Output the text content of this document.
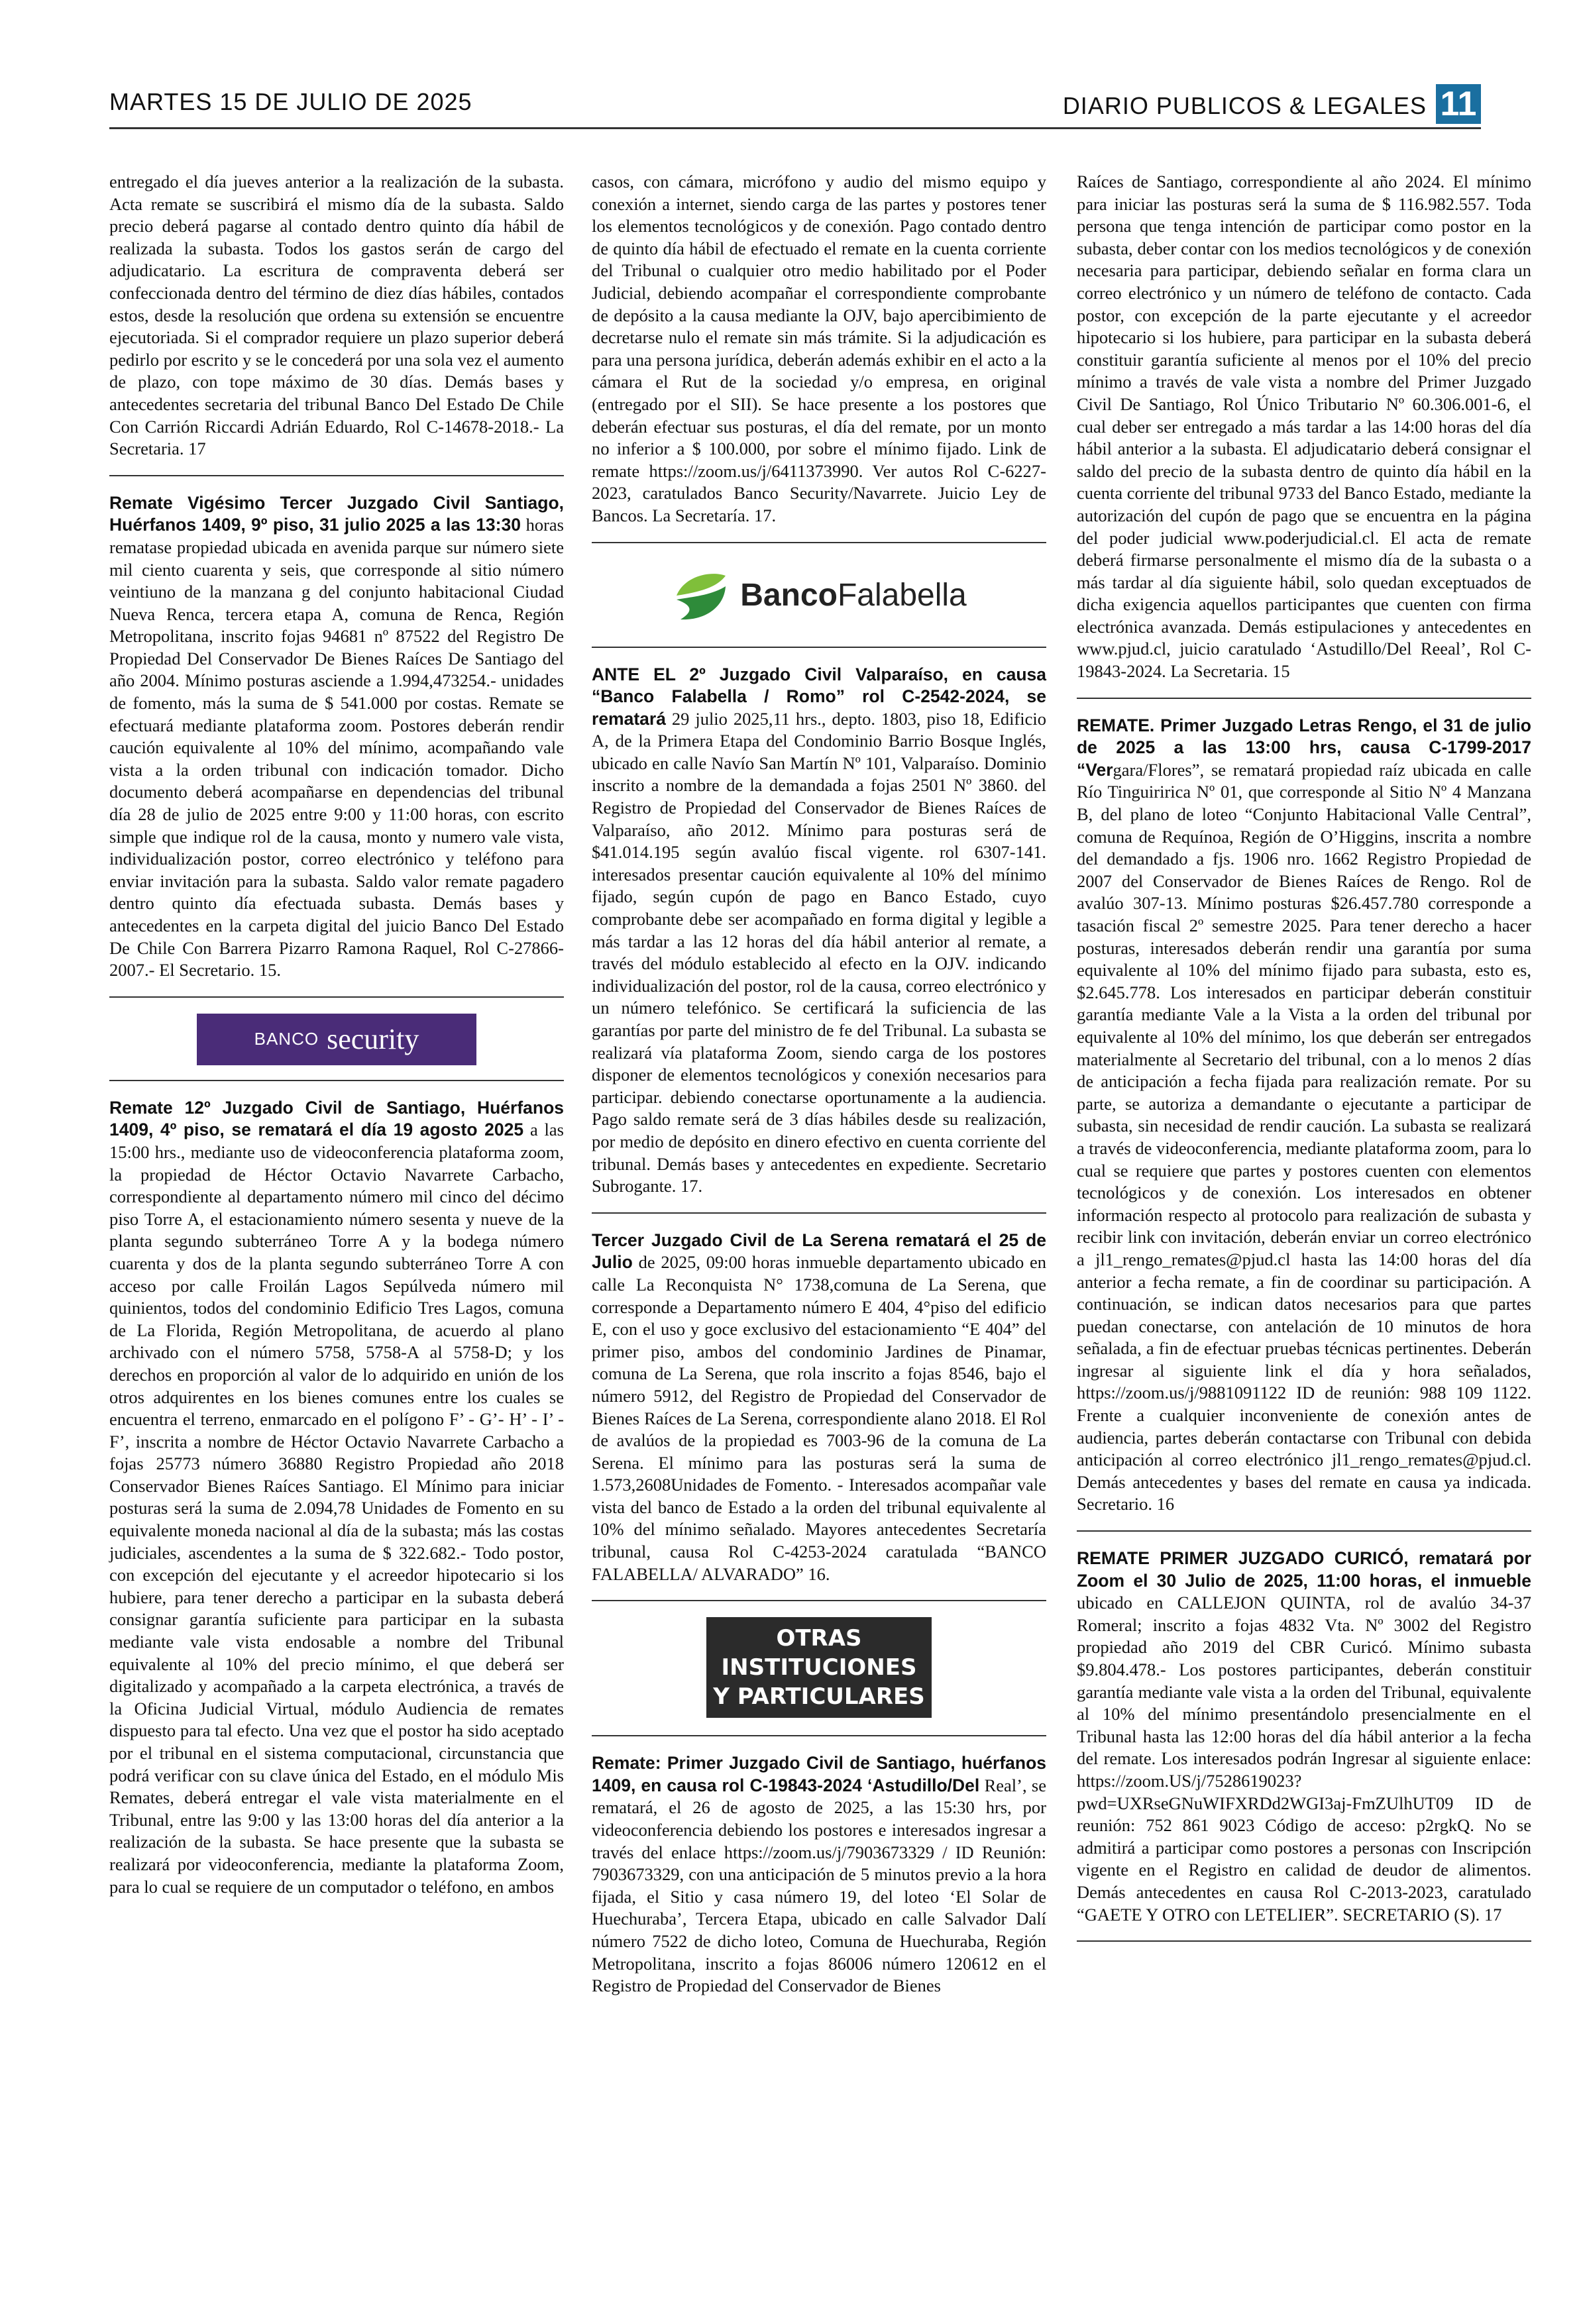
MARTES 15 DE JULIO DE 2025	DIARIO PUBLICOS & LEGALES 11

entregado el día jueves anterior a la realización de la subasta. Acta remate se suscribirá el mismo día de la subasta. Saldo precio deberá pagarse al contado dentro quinto día hábil de realizada la subasta. Todos los gastos serán de cargo del adjudicatario. La escritura de compraventa deberá ser confeccionada dentro del término de diez días hábiles, contados estos, desde la resolución que ordena su extensión se encuentre ejecutoriada. Si el comprador requiere un plazo superior deberá pedirlo por escrito y se le concederá por una sola vez el aumento de plazo, con tope máximo de 30 días. Demás bases y antecedentes secretaria del tribunal Banco Del Estado De Chile Con Carrión Riccardi Adrián Eduardo, Rol C-14678-2018.- La Secretaria. 17

Remate Vigésimo Tercer Juzgado Civil Santiago, Huérfanos 1409, 9º piso, 31 julio 2025 a las 13:30 horas rematase propiedad ubicada en avenida parque sur número siete mil ciento cuarenta y seis, que corresponde al sitio número veintiuno de la manzana g del conjunto habitacional Ciudad Nueva Renca, tercera etapa A, comuna de Renca, Región Metropolitana, inscrito fojas 94681 nº 87522 del Registro De Propiedad Del Conservador De Bienes Raíces De Santiago del año 2004. Mínimo posturas asciende a 1.994,473254.- unidades de fomento, más la suma de $ 541.000 por costas. Remate se efectuará mediante plataforma zoom. Postores deberán rendir caución equivalente al 10% del mínimo, acompañando vale vista a la orden tribunal con indicación tomador. Dicho documento deberá acompañarse en dependencias del tribunal día 28 de julio de 2025 entre 9:00 y 11:00 horas, con escrito simple que indique rol de la causa, monto y numero vale vista, individualización postor, correo electrónico y teléfono para enviar invitación para la subasta. Saldo valor remate pagadero dentro quinto día efectuada subasta. Demás bases y antecedentes en la carpeta digital del juicio Banco Del Estado De Chile Con Barrera Pizarro Ramona Raquel, Rol C-27866-2007.- El Secretario. 15.

BANCO security

Remate 12º Juzgado Civil de Santiago, Huérfanos 1409, 4º piso, se rematará el día 19 agosto 2025 a las 15:00 hrs., mediante uso de videoconferencia plataforma zoom, la propiedad de Héctor Octavio Navarrete Carbacho, correspondiente al departamento número mil cinco del décimo piso Torre A, el estacionamiento número sesenta y nueve de la planta segundo subterráneo Torre A y la bodega número cuarenta y dos de la planta segundo subterráneo Torre A con acceso por calle Froilán Lagos Sepúlveda número mil quinientos, todos del condominio Edificio Tres Lagos, comuna de La Florida, Región Metropolitana, de acuerdo al plano archivado con el número 5758, 5758-A al 5758-D; y los derechos en proporción al valor de lo adquirido en unión de los otros adquirentes en los bienes comunes entre los cuales se encuentra el terreno, enmarcado en el polígono F’ - G’- H’ - I’ - F’, inscrita a nombre de Héctor Octavio Navarrete Carbacho a fojas 25773 número 36880 Registro Propiedad año 2018 Conservador Bienes Raíces Santiago. El Mínimo para iniciar posturas será la suma de 2.094,78 Unidades de Fomento en su equivalente moneda nacional al día de la subasta; más las costas judiciales, ascendentes a la suma de $ 322.682.- Todo postor, con excepción del ejecutante y el acreedor hipotecario si los hubiere, para tener derecho a participar en la subasta deberá consignar garantía suficiente para participar en la subasta mediante vale vista endosable a nombre del Tribunal equivalente al 10% del precio mínimo, el que deberá ser digitalizado y acompañado a la carpeta electrónica, a través de la Oficina Judicial Virtual, módulo Audiencia de remates dispuesto para tal efecto. Una vez que el postor ha sido aceptado por el tribunal en el sistema computacional, circunstancia que podrá verificar con su clave única del Estado, en el módulo Mis Remates, deberá entregar el vale vista materialmente en el Tribunal, entre las 9:00 y las 13:00 horas del día anterior a la realización de la subasta. Se hace presente que la subasta se realizará por videoconferencia, mediante la plataforma Zoom, para lo cual se requiere de un computador o teléfono, en ambos

casos, con cámara, micrófono y audio del mismo equipo y conexión a internet, siendo carga de las partes y postores tener los elementos tecnológicos y de conexión. Pago contado dentro de quinto día hábil de efectuado el remate en la cuenta corriente del Tribunal o cualquier otro medio habilitado por el Poder Judicial, debiendo acompañar el correspondiente comprobante de depósito a la causa mediante la OJV, bajo apercibimiento de decretarse nulo el remate sin más trámite. Si la adjudicación es para una persona jurídica, deberán además exhibir en el acto a la cámara el Rut de la sociedad y/o empresa, en original (entregado por el SII). Se hace presente a los postores que deberán efectuar sus posturas, el día del remate, por un monto no inferior a $ 100.000, por sobre el mínimo fijado. Link de remate https://zoom.us/j/6411373990. Ver autos Rol C-6227-2023, caratulados Banco Security/Navarrete. Juicio Ley de Bancos. La Secretaría. 17.

BancoFalabella

ANTE EL 2º Juzgado Civil Valparaíso, en causa “Banco Falabella / Romo” rol C-2542-2024, se rematará 29 julio 2025,11 hrs., depto. 1803, piso 18, Edificio A, de la Primera Etapa del Condominio Barrio Bosque Inglés, ubicado en calle Navío San Martín Nº 101, Valparaíso. Dominio inscrito a nombre de la demandada a fojas 2501 Nº 3860. del Registro de Propiedad del Conservador de Bienes Raíces de Valparaíso, año 2012. Mínimo para posturas será de $41.014.195 según avalúo fiscal vigente. rol 6307-141. interesados presentar caución equivalente al 10% del mínimo fijado, según cupón de pago en Banco Estado, cuyo comprobante debe ser acompañado en forma digital y legible a más tardar a las 12 horas del día hábil anterior al remate, a través del módulo establecido al efecto en la OJV. indicando individualización del postor, rol de la causa, correo electrónico y un número telefónico. Se certificará la suficiencia de las garantías por parte del ministro de fe del Tribunal. La subasta se realizará vía plataforma Zoom, siendo carga de los postores disponer de elementos tecnológicos y conexión necesarios para participar. debiendo conectarse oportunamente a la audiencia. Pago saldo remate será de 3 días hábiles desde su realización, por medio de depósito en dinero efectivo en cuenta corriente del tribunal. Demás bases y antecedentes en expediente. Secretario Subrogante. 17.

Tercer Juzgado Civil de La Serena rematará el 25 de Julio de 2025, 09:00 horas inmueble departamento ubicado en calle La Reconquista N° 1738,comuna de La Serena, que corresponde a Departamento número E 404, 4°piso del edificio E, con el uso y goce exclusivo del estacionamiento “E 404” del primer piso, ambos del condominio Jardines de Pinamar, comuna de La Serena, que rola inscrito a fojas 8546, bajo el número 5912, del Registro de Propiedad del Conservador de Bienes Raíces de La Serena, correspondiente alano 2018. El Rol de avalúos de la propiedad es 7003-96 de la comuna de La Serena. El mínimo para las posturas será la suma de 1.573,2608Unidades de Fomento. - Interesados acompañar vale vista del banco de Estado a la orden del tribunal equivalente al 10% del mínimo señalado. Mayores antecedentes Secretaría tribunal, causa Rol C-4253-2024 caratulada “BANCO FALABELLA/ ALVARADO” 16.

OTRAS INSTITUCIONES
Y PARTICULARES

Remate: Primer Juzgado Civil de Santiago, huérfanos 1409, en causa rol C-19843-2024 ‘Astudillo/Del Real’, se rematará, el 26 de agosto de 2025, a las 15:30 hrs, por videoconferencia debiendo los postores e interesados ingresar a través del enlace https://zoom.us/j/7903673329 / ID Reunión: 7903673329, con una anticipación de 5 minutos previo a la hora fijada, el Sitio y casa número 19, del loteo ‘El Solar de Huechuraba’, Tercera Etapa, ubicado en calle Salvador Dalí número 7522 de dicho loteo, Comuna de Huechuraba, Región Metropolitana, inscrito a fojas 86006 número 120612 en el Registro de Propiedad del Conservador de Bienes

Raíces de Santiago, correspondiente al año 2024. El mínimo para iniciar las posturas será la suma de $ 116.982.557. Toda persona que tenga intención de participar como postor en la subasta, deber contar con los medios tecnológicos y de conexión necesaria para participar, debiendo señalar en forma clara un correo electrónico y un número de teléfono de contacto. Cada postor, con excepción de la parte ejecutante y el acreedor hipotecario si los hubiere, para participar en la subasta deberá constituir garantía suficiente al menos por el 10% del precio mínimo a través de vale vista a nombre del Primer Juzgado Civil De Santiago, Rol Único Tributario Nº 60.306.001-6, el cual deber ser entregado a más tardar a las 14:00 horas del día hábil anterior a la subasta. El adjudicatario deberá consignar el saldo del precio de la subasta dentro de quinto día hábil en la cuenta corriente del tribunal 9733 del Banco Estado, mediante la autorización del cupón de pago que se encuentra en la página del poder judicial www.poderjudicial.cl. El acta de remate deberá firmarse personalmente el mismo día de la subasta o a más tardar al día siguiente hábil, solo quedan exceptuados de dicha exigencia aquellos participantes que cuenten con firma electrónica avanzada. Demás estipulaciones y antecedentes en www.pjud.cl, juicio caratulado ‘Astudillo/Del Reeal’, Rol C- 19843-2024. La Secretaria. 15

REMATE. Primer Juzgado Letras Rengo, el 31 de julio de 2025 a las 13:00 hrs, causa C-1799-2017 “Vergara/Flores”, se rematará propiedad raíz ubicada en calle Río Tinguiririca Nº 01, que corresponde al Sitio Nº 4 Manzana B, del plano de loteo “Conjunto Habitacional Valle Central”, comuna de Requínoa, Región de O’Higgins, inscrita a nombre del demandado a fjs. 1906 nro. 1662 Registro Propiedad de 2007 del Conservador de Bienes Raíces de Rengo. Rol de avalúo 307-13. Mínimo posturas $26.457.780 corresponde a tasación fiscal 2º semestre 2025. Para tener derecho a hacer posturas, interesados deberán rendir una garantía por suma equivalente al 10% del mínimo fijado para subasta, esto es, $2.645.778. Los interesados en participar deberán constituir garantía mediante Vale a la Vista a la orden del tribunal por equivalente al 10% del mínimo, los que deberán ser entregados materialmente al Secretario del tribunal, con a lo menos 2 días de anticipación a fecha fijada para realización remate. Por su parte, se autoriza a demandante o ejecutante a participar de subasta, sin necesidad de rendir caución. La subasta se realizará a través de videoconferencia, mediante plataforma zoom, para lo cual se requiere que partes y postores cuenten con elementos tecnológicos y de conexión. Los interesados en obtener información respecto al protocolo para realización de subasta y recibir link con invitación, deberán enviar un correo electrónico a jl1_rengo_remates@pjud.cl hasta las 14:00 horas del día anterior a fecha remate, a fin de coordinar su participación. A continuación, se indican datos necesarios para que partes puedan conectarse, con antelación de 10 minutos de hora señalada, a fin de efectuar pruebas técnicas pertinentes. Deberán ingresar al siguiente link el día y hora señalados, https://zoom.us/j/9881091122 ID de reunión: 988 109 1122. Frente a cualquier inconveniente de conexión antes de audiencia, partes deberán contactarse con Tribunal con debida anticipación al correo electrónico jl1_rengo_remates@pjud.cl. Demás antecedentes y bases del remate en causa ya indicada. Secretario. 16

REMATE PRIMER JUZGADO CURICÓ, rematará por Zoom el 30 Julio de 2025, 11:00 horas, el inmueble ubicado en CALLEJON QUINTA, rol de avalúo 34-37 Romeral; inscrito a fojas 4832 Vta. Nº 3002 del Registro propiedad año 2019 del CBR Curicó. Mínimo subasta $9.804.478.- Los postores participantes, deberán constituir garantía mediante vale vista a la orden del Tribunal, equivalente al 10% del mínimo presentándolo presencialmente en el Tribunal hasta las 12:00 horas del día hábil anterior a la fecha del remate. Los interesados podrán Ingresar al siguiente enlace: https://zoom.US/j/7528619023?pwd=UXRseGNuWIFXRDd2WGI3aj-FmZUlhUT09 ID de reunión: 752 861 9023 Código de acceso: p2rgkQ. No se admitirá a participar como postores a personas con Inscripción vigente en el Registro en calidad de deudor de alimentos. Demás antecedentes en causa Rol C-2013-2023, caratulado “GAETE Y OTRO con LETELIER”. SECRETARIO (S). 17
